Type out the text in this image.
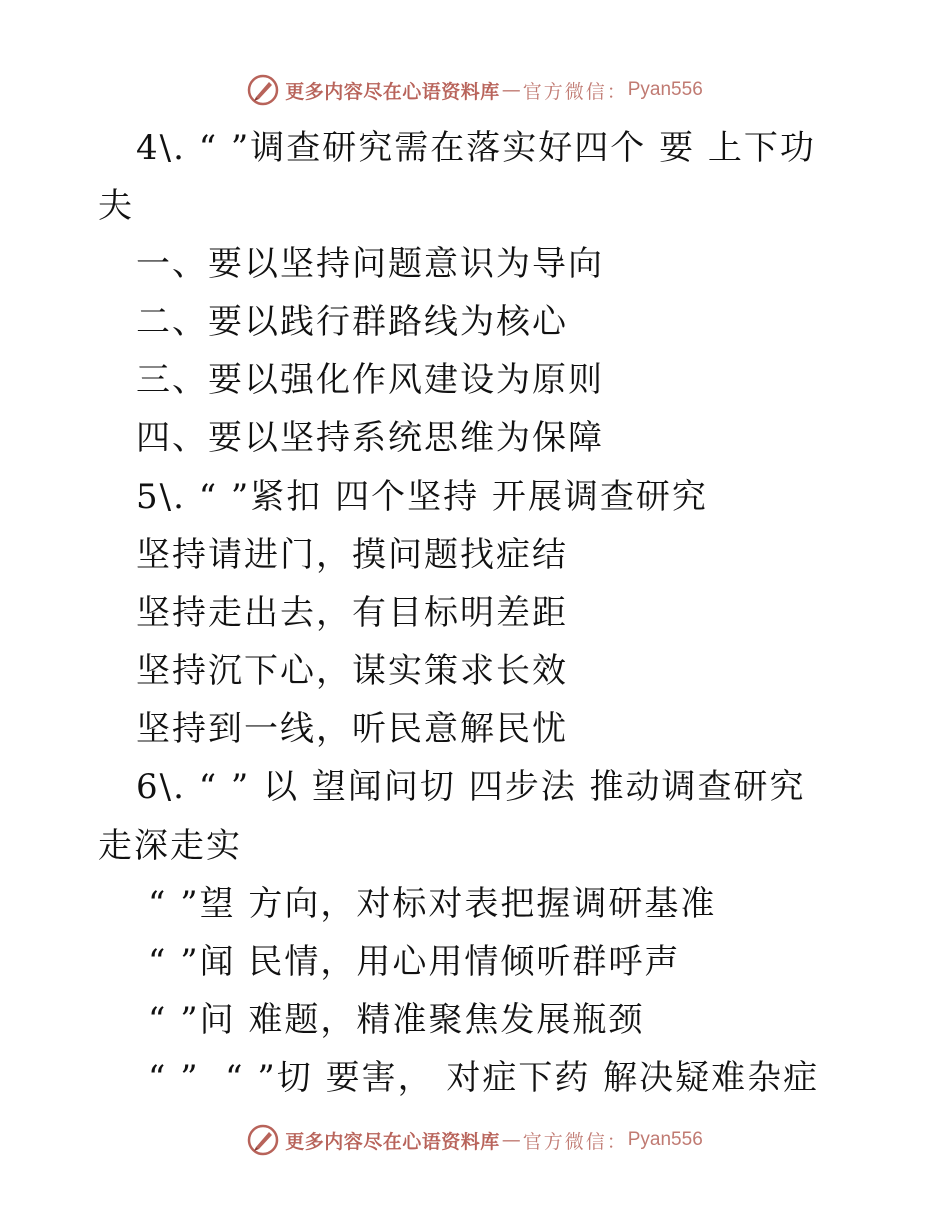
更多内容尽在心语资料库 — 官方微信： Pyan556
4\. “ ”调查研究需在落实好四个 要 上下功
夫
一、要以坚持问题意识为导向
二、要以践行群路线为核心
三、要以强化作风建设为原则
四、要以坚持系统思维为保障
5\. “ ”紧扣 四个坚持 开展调查研究
坚持请进门，摸问题找症结
坚持走出去，有目标明差距
坚持沉下心，谋实策求长效
坚持到一线，听民意解民忧
6\. “ ” 以 望闻问切 四步法 推动调查研究
走深走实
“ ”望 方向，对标对表把握调研基准
“ ”闻 民情，用心用情倾听群呼声
“ ”问 难题，精准聚焦发展瓶颈
“ ”  “ ”切 要害， 对症下药 解决疑难杂症
更多内容尽在心语资料库 — 官方微信： Pyan556
